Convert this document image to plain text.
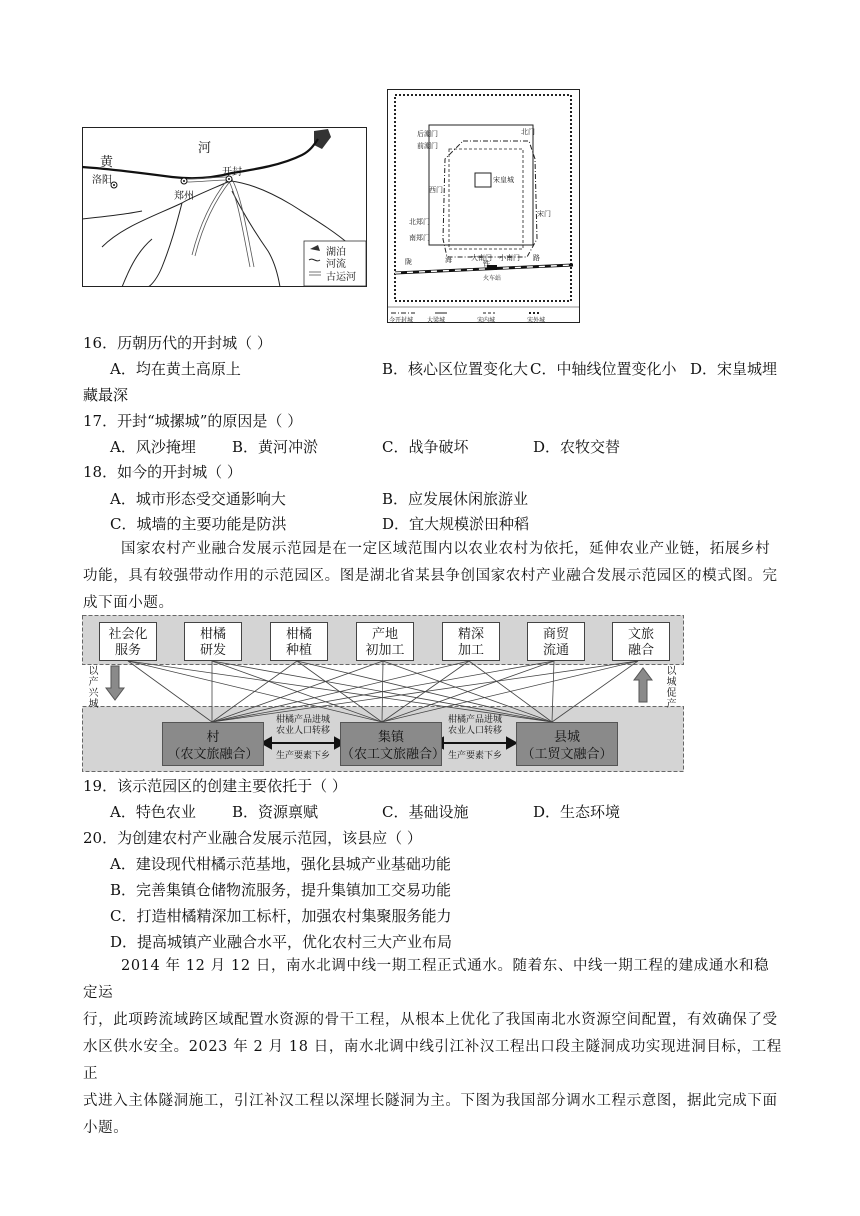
黄
河
洛阳
郑州
开封
湖泊
河流
古运河
后潮门
前潮门
北门
西门
宋皇城
北郑门
宋门
南郑门
大南门 小南门
陇	海	铁
路
火车站
今开封城 大梁城	宋内城	宋外城
16．历朝历代的开封城（ ）
A．均在黄土高原上	B．核心区位置变化大 C．中轴线位置变化小 D．宋皇城埋
藏最深
17．开封“城摞城”的原因是（ ）
A．风沙掩埋 B．黄河冲淤	C．战争破坏	D．农牧交替
18．如今的开封城（ ）
A．城市形态受交通影响大	B．应发展休闲旅游业
C．城墙的主要功能是防洪	D．宜大规模淤田种稻
国家农村产业融合发展示范园是在一定区域范围内以农业农村为依托，延伸农业产业链，拓展乡村
功能，具有较强带动作用的示范园区。图是湖北省某县争创国家农村产业融合发展示范园区的模式图。完
成下面小题。
社会化
服务
柑橘
研发
柑橘
种植
产地
初加工
精深
加工
商贸
流通
文旅
融合
以
产
兴
城
以
城
促
产
村
（农文旅融合）
集镇
（农工文旅融合）
县城
（工贸文融合）
柑橘产品进城
农业人口转移
生产要素下乡
柑橘产品进城
农业人口转移
生产要素下乡
19．该示范园区的创建主要依托于（ ）
A．特色农业 B．资源禀赋	C．基础设施	D．生态环境
20．为创建农村产业融合发展示范园，该县应（ ）
A．建设现代柑橘示范基地，强化县城产业基础功能
B．完善集镇仓储物流服务，提升集镇加工交易功能
C．打造柑橘精深加工标杆，加强农村集聚服务能力
D．提高城镇产业融合水平，优化农村三大产业布局
2014 年 12 月 12 日，南水北调中线一期工程正式通水。随着东、中线一期工程的建成通水和稳定运
行，此项跨流域跨区域配置水资源的骨干工程，从根本上优化了我国南北水资源空间配置，有效确保了受
水区供水安全。2023 年 2 月 18 日，南水北调中线引江补汉工程出口段主隧洞成功实现进洞目标，工程正
式进入主体隧洞施工，引江补汉工程以深埋长隧洞为主。下图为我国部分调水工程示意图，据此完成下面
小题。
